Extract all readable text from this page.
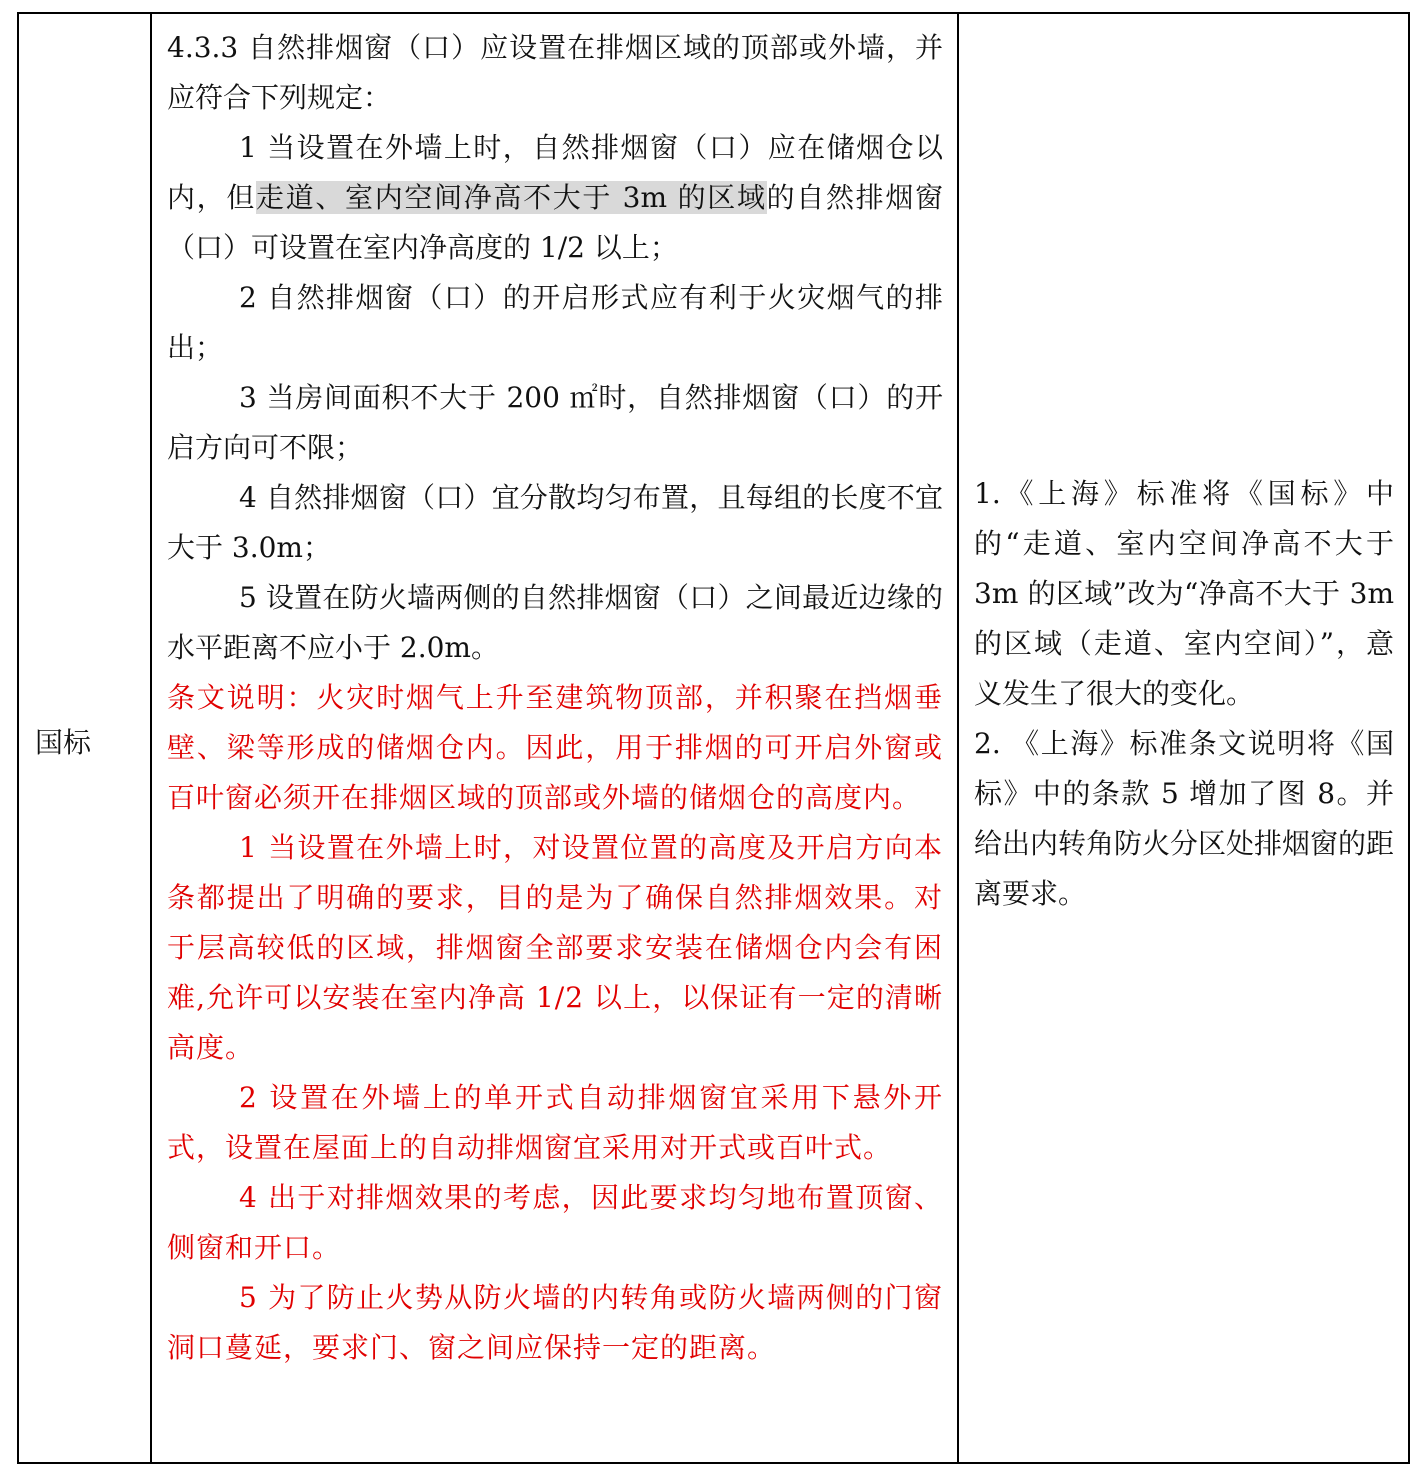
国标

4.3.3 自然排烟窗（口）应设置在排烟区域的顶部或外墙，并应符合下列规定：

1 当设置在外墙上时，自然排烟窗（口）应在储烟仓以内，但走道、室内空间净高不大于 3m 的区域的自然排烟窗（口）可设置在室内净高度的 1/2 以上；

2 自然排烟窗（口）的开启形式应有利于火灾烟气的排出；

3 当房间面积不大于 200 ㎡时，自然排烟窗（口）的开启方向可不限；

4 自然排烟窗（口）宜分散均匀布置，且每组的长度不宜大于 3.0m；

5 设置在防火墙两侧的自然排烟窗（口）之间最近边缘的水平距离不应小于 2.0m。

条文说明：火灾时烟气上升至建筑物顶部，并积聚在挡烟垂壁、梁等形成的储烟仓内。因此，用于排烟的可开启外窗或百叶窗必须开在排烟区域的顶部或外墙的储烟仓的高度内。

1 当设置在外墙上时，对设置位置的高度及开启方向本条都提出了明确的要求，目的是为了确保自然排烟效果。对于层高较低的区域，排烟窗全部要求安装在储烟仓内会有困难,允许可以安装在室内净高 1/2 以上，以保证有一定的清晰高度。

2 设置在外墙上的单开式自动排烟窗宜采用下悬外开式，设置在屋面上的自动排烟窗宜采用对开式或百叶式。

4 出于对排烟效果的考虑，因此要求均匀地布置顶窗、侧窗和开口。

5 为了防止火势从防火墙的内转角或防火墙两侧的门窗洞口蔓延，要求门、窗之间应保持一定的距离。

1.《上海》标准将《国标》中的“走道、室内空间净高不大于 3m 的区域”改为“净高不大于 3m 的区域（走道、室内空间）”，意义发生了很大的变化。

2. 《上海》标准条文说明将《国标》中的条款 5 增加了图 8。并给出内转角防火分区处排烟窗的距离要求。
